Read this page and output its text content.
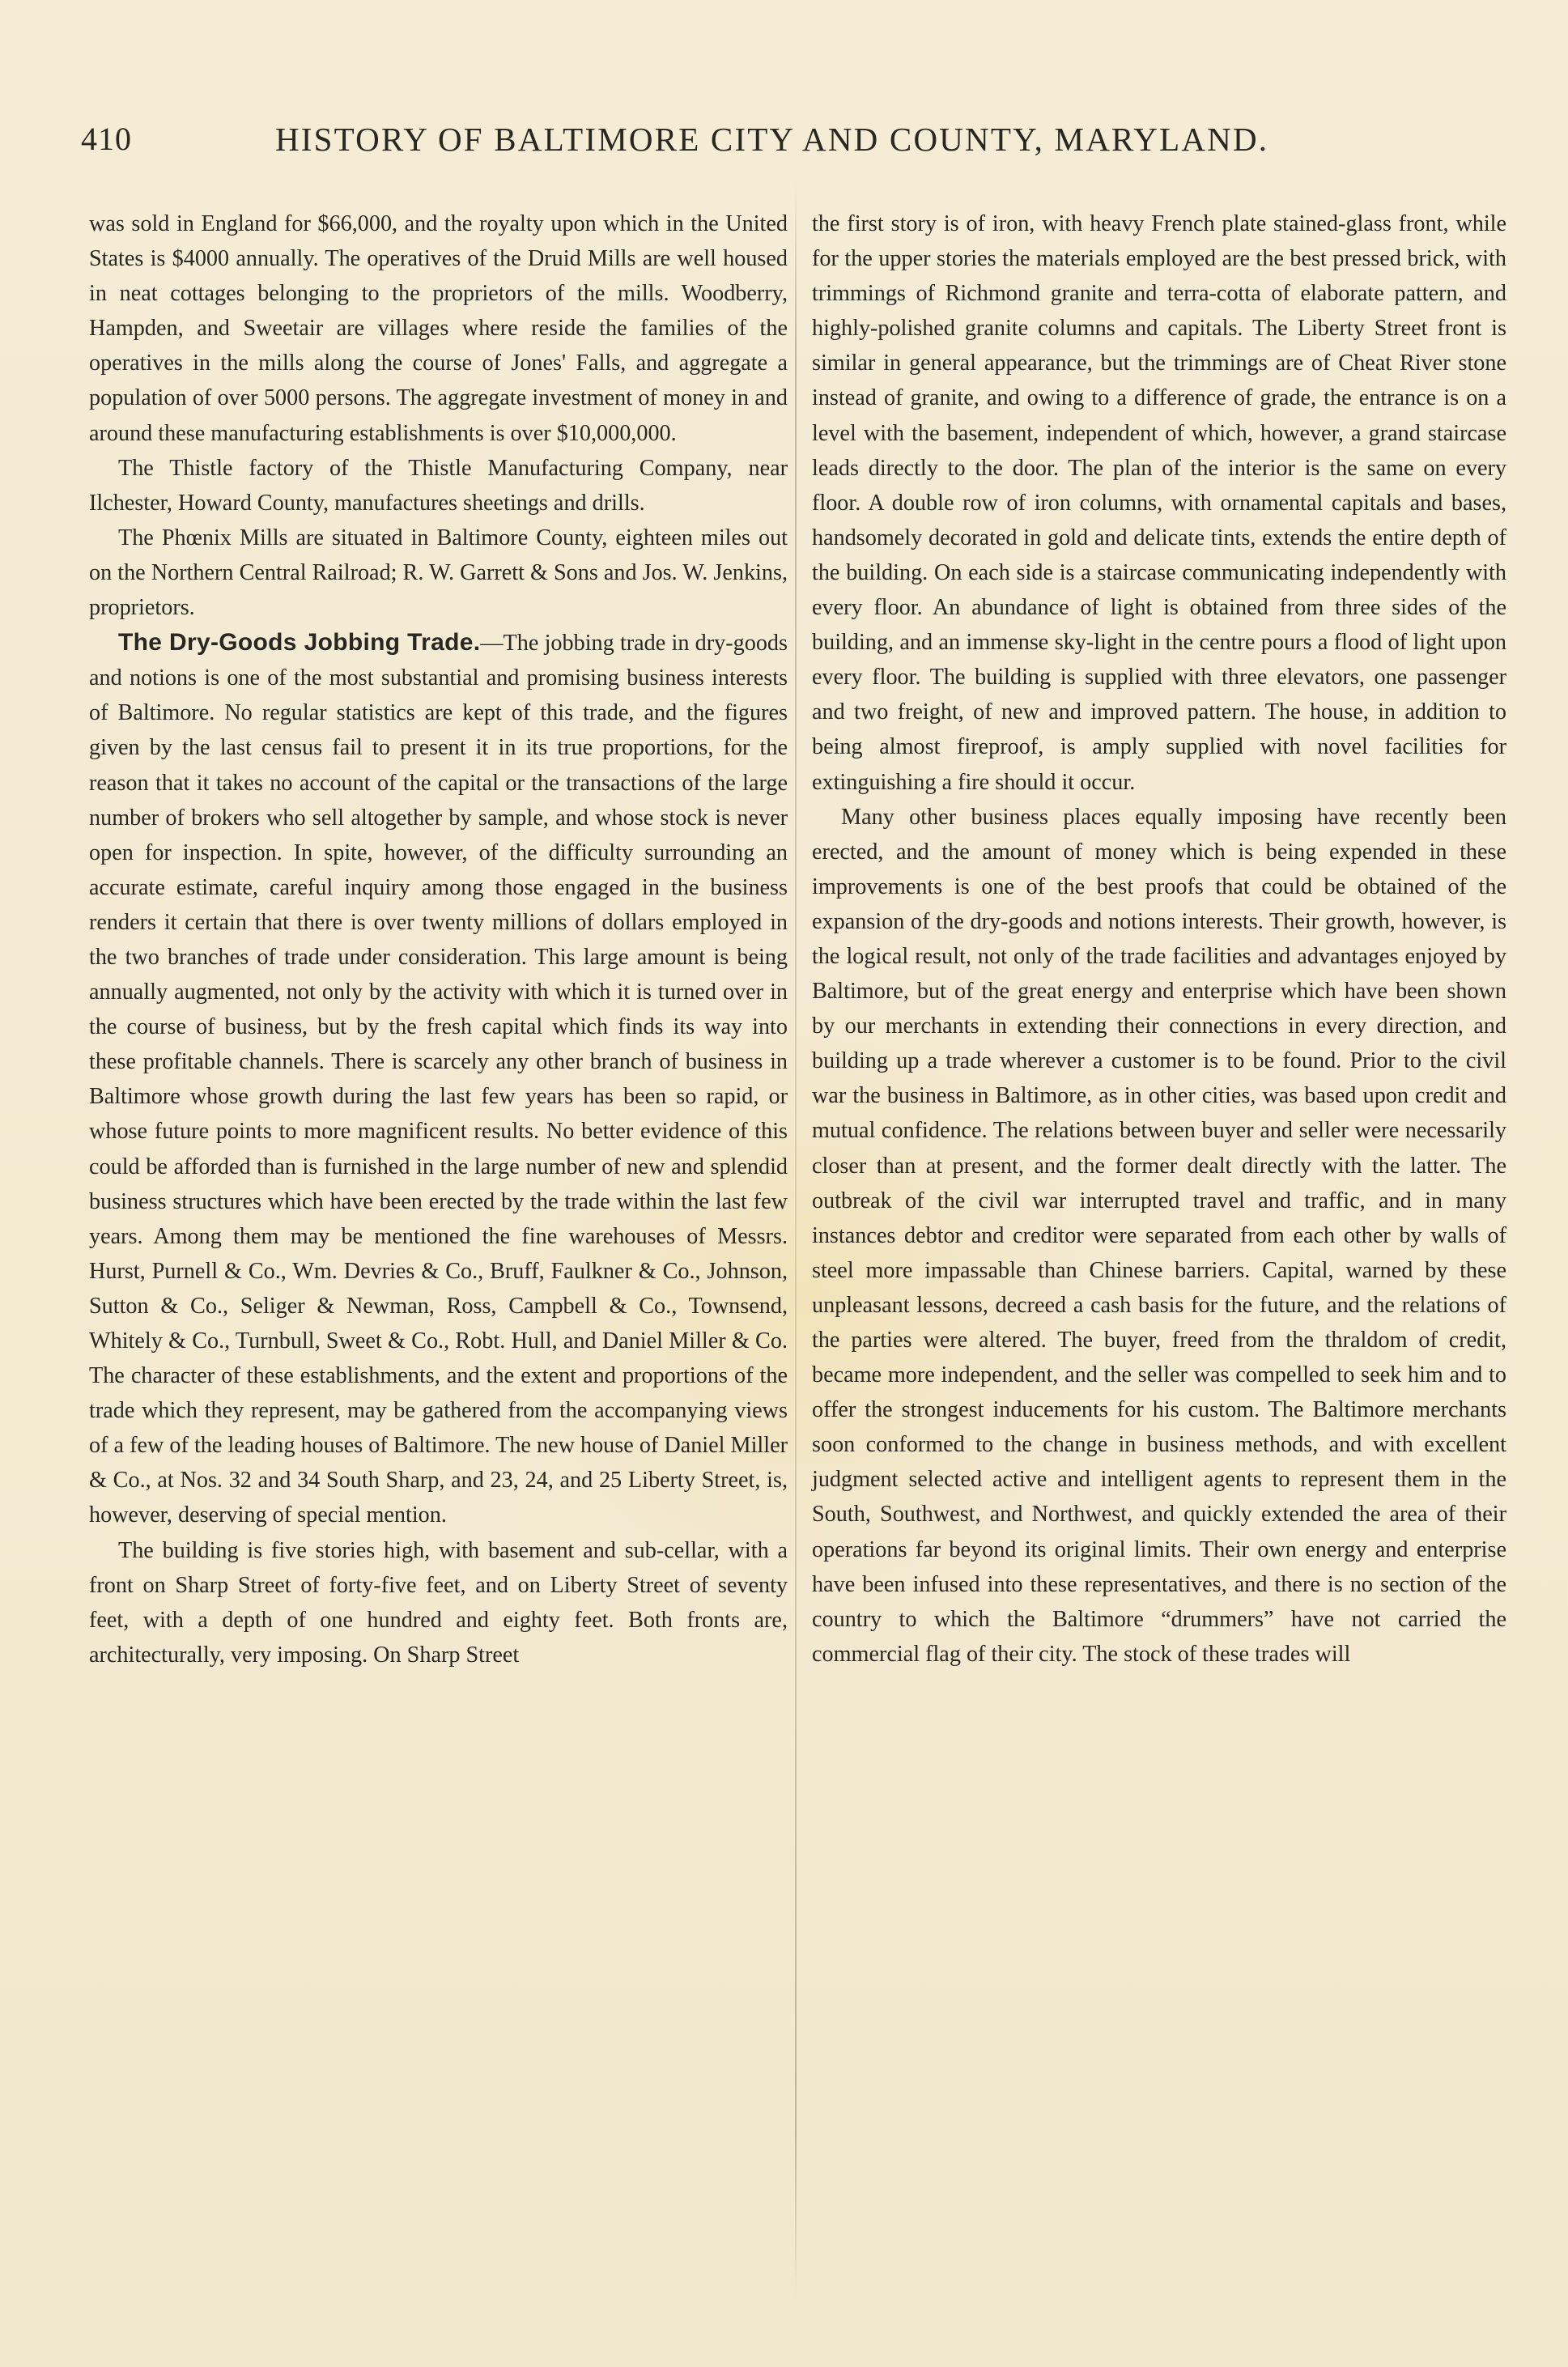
410	HISTORY OF BALTIMORE CITY AND COUNTY, MARYLAND.

was sold in England for $66,000, and the royalty upon which in the United States is $4000 annually. The operatives of the Druid Mills are well housed in neat cottages belonging to the proprietors of the mills. Woodberry, Hampden, and Sweetair are villages where reside the families of the operatives in the mills along the course of Jones' Falls, and aggregate a population of over 5000 persons. The aggregate investment of money in and around these manufacturing establishments is over $10,000,000.

The Thistle factory of the Thistle Manufacturing Company, near Ilchester, Howard County, manufactures sheetings and drills.

The Phœnix Mills are situated in Baltimore County, eighteen miles out on the Northern Central Railroad; R. W. Garrett & Sons and Jos. W. Jenkins, proprietors.

The Dry-Goods Jobbing Trade.—The jobbing trade in dry-goods and notions is one of the most substantial and promising business interests of Baltimore. No regular statistics are kept of this trade, and the figures given by the last census fail to present it in its true proportions, for the reason that it takes no account of the capital or the transactions of the large number of brokers who sell altogether by sample, and whose stock is never open for inspection. In spite, however, of the difficulty surrounding an accurate estimate, careful inquiry among those engaged in the business renders it certain that there is over twenty millions of dollars employed in the two branches of trade under consideration. This large amount is being annually augmented, not only by the activity with which it is turned over in the course of business, but by the fresh capital which finds its way into these profitable channels. There is scarcely any other branch of business in Baltimore whose growth during the last few years has been so rapid, or whose future points to more magnificent results. No better evidence of this could be afforded than is furnished in the large number of new and splendid business structures which have been erected by the trade within the last few years. Among them may be mentioned the fine warehouses of Messrs. Hurst, Purnell & Co., Wm. Devries & Co., Bruff, Faulkner & Co., Johnson, Sutton & Co., Seliger & Newman, Ross, Campbell & Co., Townsend, Whitely & Co., Turnbull, Sweet & Co., Robt. Hull, and Daniel Miller & Co. The character of these establishments, and the extent and proportions of the trade which they represent, may be gathered from the accompanying views of a few of the leading houses of Baltimore. The new house of Daniel Miller & Co., at Nos. 32 and 34 South Sharp, and 23, 24, and 25 Liberty Street, is, however, deserving of special mention.

The building is five stories high, with basement and sub-cellar, with a front on Sharp Street of forty-five feet, and on Liberty Street of seventy feet, with a depth of one hundred and eighty feet. Both fronts are, architecturally, very imposing. On Sharp Street

the first story is of iron, with heavy French plate stained-glass front, while for the upper stories the materials employed are the best pressed brick, with trimmings of Richmond granite and terra-cotta of elaborate pattern, and highly-polished granite columns and capitals. The Liberty Street front is similar in general appearance, but the trimmings are of Cheat River stone instead of granite, and owing to a difference of grade, the entrance is on a level with the basement, independent of which, however, a grand staircase leads directly to the door. The plan of the interior is the same on every floor. A double row of iron columns, with ornamental capitals and bases, handsomely decorated in gold and delicate tints, extends the entire depth of the building. On each side is a staircase communicating independently with every floor. An abundance of light is obtained from three sides of the building, and an immense sky-light in the centre pours a flood of light upon every floor. The building is supplied with three elevators, one passenger and two freight, of new and improved pattern. The house, in addition to being almost fireproof, is amply supplied with novel facilities for extinguishing a fire should it occur.

Many other business places equally imposing have recently been erected, and the amount of money which is being expended in these improvements is one of the best proofs that could be obtained of the expansion of the dry-goods and notions interests. Their growth, however, is the logical result, not only of the trade facilities and advantages enjoyed by Baltimore, but of the great energy and enterprise which have been shown by our merchants in extending their connections in every direction, and building up a trade wherever a customer is to be found. Prior to the civil war the business in Baltimore, as in other cities, was based upon credit and mutual confidence. The relations between buyer and seller were necessarily closer than at present, and the former dealt directly with the latter. The outbreak of the civil war interrupted travel and traffic, and in many instances debtor and creditor were separated from each other by walls of steel more impassable than Chinese barriers. Capital, warned by these unpleasant lessons, decreed a cash basis for the future, and the relations of the parties were altered. The buyer, freed from the thraldom of credit, became more independent, and the seller was compelled to seek him and to offer the strongest inducements for his custom. The Baltimore merchants soon conformed to the change in business methods, and with excellent judgment selected active and intelligent agents to represent them in the South, Southwest, and Northwest, and quickly extended the area of their operations far beyond its original limits. Their own energy and enterprise have been infused into these representatives, and there is no section of the country to which the Baltimore “drummers” have not carried the commercial flag of their city. The stock of these trades will
